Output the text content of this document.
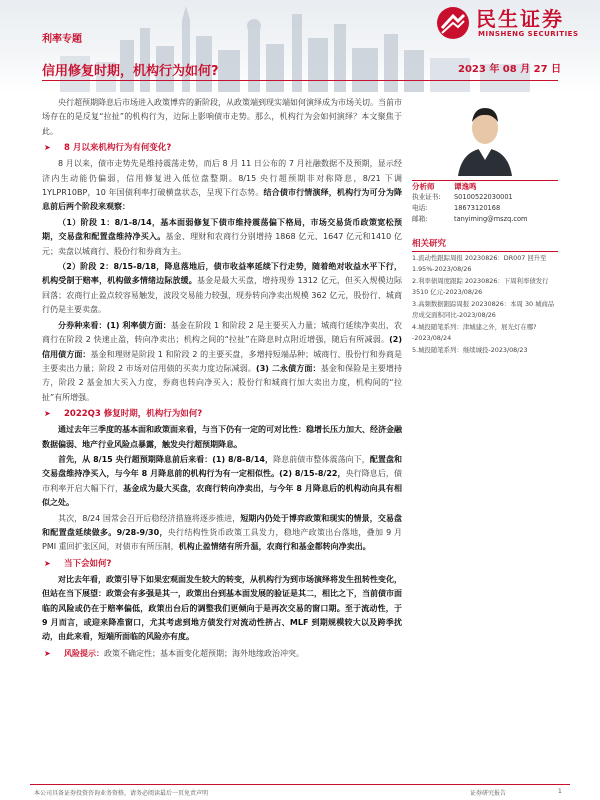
民生证券
MINSHENG SECURITIES
利率专题
信用修复时期，机构行为如何?	2023 年 08 月 27 日

央行超预期降息后市场进入政策博弈的新阶段，从政策端到现实端如何演绎成为市场关切。当前市场存在的是反复“拉扯”的机构行为，边际上影响债市走势。那么，机构行为会如何演绎？本文聚焦于此。

➤ 8 月以来机构行为有何变化?

8 月以来，债市走势先是维持震荡走势，而后 8 月 11 日公布的 7 月社融数据不及预期，显示经济内生动能仍偏弱，信用修复进入低位盘整期。8/15 央行超预期非对称降息，8/21 下调 1YLPR10BP，10 年国债利率打破横盘状态，呈现下行态势。结合债市行情演绎，机构行为可分为降息前后两个阶段来观察：

（1）阶段 1：8/1-8/14，基本面弱修复下债市维持震荡偏下格局，市场交易货币政策宽松预期，交易盘和配置盘维持净买入。基金、理财和农商行分别增持 1868 亿元、1647 亿元和1410 亿元；卖盘以城商行、股份行和券商为主。

（2）阶段 2：8/15-8/18，降息落地后，债市收益率延续下行走势，随着绝对收益水平下行，机构受制于赔率，机构做多情绪边际放缓。基金是最大买盘，增持现券 1312 亿元，但买入规模边际回落；农商行止盈点较容易触发，波段交易能力较强，现券转向净卖出规模 362 亿元，股份行、城商行仍是主要卖盘。

分券种来看：(1) 利率债方面：基金在阶段 1 和阶段 2 是主要买入力量；城商行延续净卖出，农商行在阶段 2 快速止盈，转向净卖出；机构之间的“拉扯”在降息时点附近增强，随后有所减弱。(2) 信用债方面：基金和理财是阶段 1 和阶段 2 的主要买盘，多增持短端品种；城商行、股份行和券商是主要卖出力量；阶段 2 市场对信用债的买卖力度边际减弱。(3) 二永债方面：基金和保险是主要增持方，阶段 2 基金加大买入力度，券商也转向净买入；股份行和城商行加大卖出力度，机构间的“拉扯”有所增强。

➤ 2022Q3 修复时期，机构行为如何?

通过去年三季度的基本面和政策面来看，与当下仍有一定的可对比性：稳增长压力加大、经济金融数据偏弱、地产行业风险点暴露，触发央行超预期降息。

首先，从 8/15 央行超预期降息前后来看：(1) 8/8-8/14，降息前债市整体震荡向下，配置盘和交易盘维持净买入，与今年 8 月降息前的机构行为有一定相似性。(2) 8/15-8/22，央行降息后，债市利率开启大幅下行，基金成为最大买盘，农商行转向净卖出，与今年 8 月降息后的机构动向具有相似之处。

其次，8/24 国常会召开后稳经济措施将逐步推进，短期内仍处于博弈政策和现实的情景，交易盘和配置盘延续做多。9/28-9/30，央行结构性货币政策工具发力，稳地产政策出台落地，叠加 9 月 PMI 重回扩张区间，对债市有所压制，机构止盈情绪有所升温，农商行和基金都转向净卖出。

➤ 当下会如何?

对比去年看，政策引导下如果宏观面发生较大的转变，从机构行为到市场演绎将发生扭转性变化，但站在当下展望：政策会有多强是其一，政策出台到基本面发展的验证是其二，相比之下，当前债市面临的风险或仍在于赔率偏低，政策出台后的调整我们更倾向于是再次交易的窗口期。至于流动性，于 9 月而言，或迎来降准窗口，尤其考虑到地方债发行对流动性挤占、MLF 到期规模较大以及跨季扰动，由此来看，短端所面临的风险亦有度。

➤ 风险提示：政策不确定性；基本面变化超预期；海外地缘政治冲突。
分析师	谭逸鸣
执业证书:	S0100522030001
电话:	18673120168
邮箱:	tanyiming@mszq.com
相关研究
1.流动性跟踪周报 20230826：DR007 回升至 1.95%-2023/08/26
2.利率债周度跟踪 20230826：下周利率债发行 3510 亿元-2023/08/26
3.高频数据跟踪周报 20230826：本周 30 城商品房成交面积同比-2023/08/26
4.城投随笔系列：津城建之外，展光灯在哪?-2023/08/24
5.城投随笔系列：继续城投-2023/08/23
本公司具备证券投资咨询业务资格，请务必阅读最后一页免责声明	证券研究报告	1
